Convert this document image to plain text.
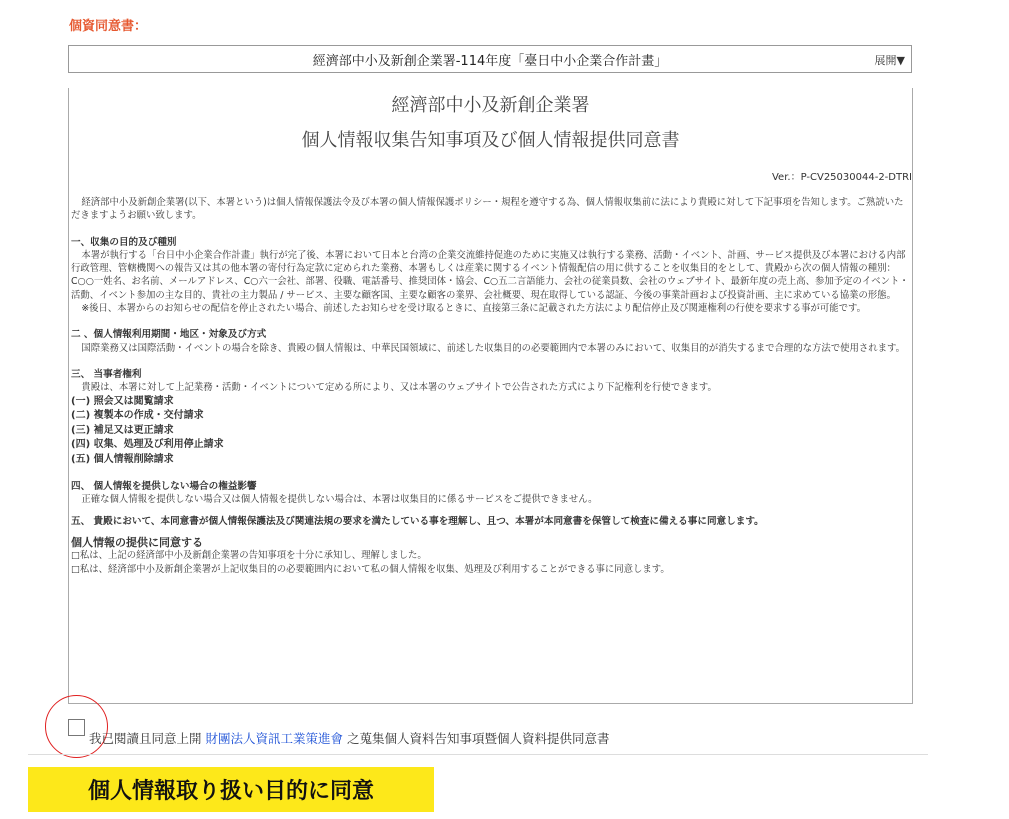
個資同意書：
經濟部中小及新創企業署-114年度「臺日中小企業合作計畫」	展開▼
經濟部中小及新創企業署
個人情報収集告知事項及び個人情報提供同意書
Ver.：P-CV25030044-2-DTRI

経済部中小及新創企業署(以下、本署という)は個人情報保護法令及び本署の個人情報保護ポリシー・規程を遵守する為、個人情報収集前に法により貴殿に対して下記事項を告知します。ご熟読いただきますようお願い致します。

一、収集の目的及び種別

本署が執行する「台日中小企業合作計畫」執行が完了後、本署において日本と台湾の企業交流維持促進のために実施又は執行する業務、活動・イベント、計画、サービス提供及び本署における内部行政管理、管轄機関への報告又は其の他本署の寄付行為定款に定められた業務、本署もしくは産業に関するイベント情報配信の用に供することを収集目的をとして、貴殿から次の個人情報の種別：C○○一姓名、お名前、メールアドレス、C○六一会社、部署、役職、電話番号、推奨団体・協会、C○五二言語能力、会社の従業員数、会社のウェブサイト、最新年度の売上高、参加予定のイベント・活動、イベント参加の主な目的、貴社の主力製品 / サービス、主要な顧客国、主要な顧客の業界、会社概要、現在取得している認証、今後の事業計画および投資計画、主に求めている協業の形態。

※後日、本署からのお知らせの配信を停止されたい場合、前述したお知らせを受け取るときに、直接第三条に記載された方法により配信停止及び関連権利の行使を要求する事が可能です。

二 、個人情報利用期間・地区・対象及び方式

国際業務又は国際活動・イベントの場合を除き、貴殿の個人情報は、中華民国領域に、前述した収集目的の必要範囲内で本署のみにおいて、収集目的が消失するまで合理的な方法で使用されます。

三、 当事者権利

貴殿は、本署に対して上記業務・活動・イベントについて定める所により、又は本署のウェブサイトで公告された方式により下記権利を行使できます。

(一) 照会又は閲覧請求

(二) 複製本の作成・交付請求

(三) 補足又は更正請求

(四) 収集、処理及び利用停止請求

(五) 個人情報削除請求

四、 個人情報を提供しない場合の権益影響

正確な個人情報を提供しない場合又は個人情報を提供しない場合は、本署は収集目的に係るサービスをご提供できません。

五、 貴殿において、本同意書が個人情報保護法及び関連法規の要求を満たしている事を理解し、且つ、本署が本同意書を保管して検査に備える事に同意します。

個人情報の提供に同意する

□私は、上記の経済部中小及新創企業署の告知事項を十分に承知し、理解しました。

□私は、経済部中小及新創企業署が上記収集目的の必要範囲内において私の個人情報を収集、処理及び利用することができる事に同意します。

我已閱讀且同意上開 財團法人資訊工業策進會 之蒐集個人資料告知事項暨個人資料提供同意書
個人情報取り扱い目的に同意
